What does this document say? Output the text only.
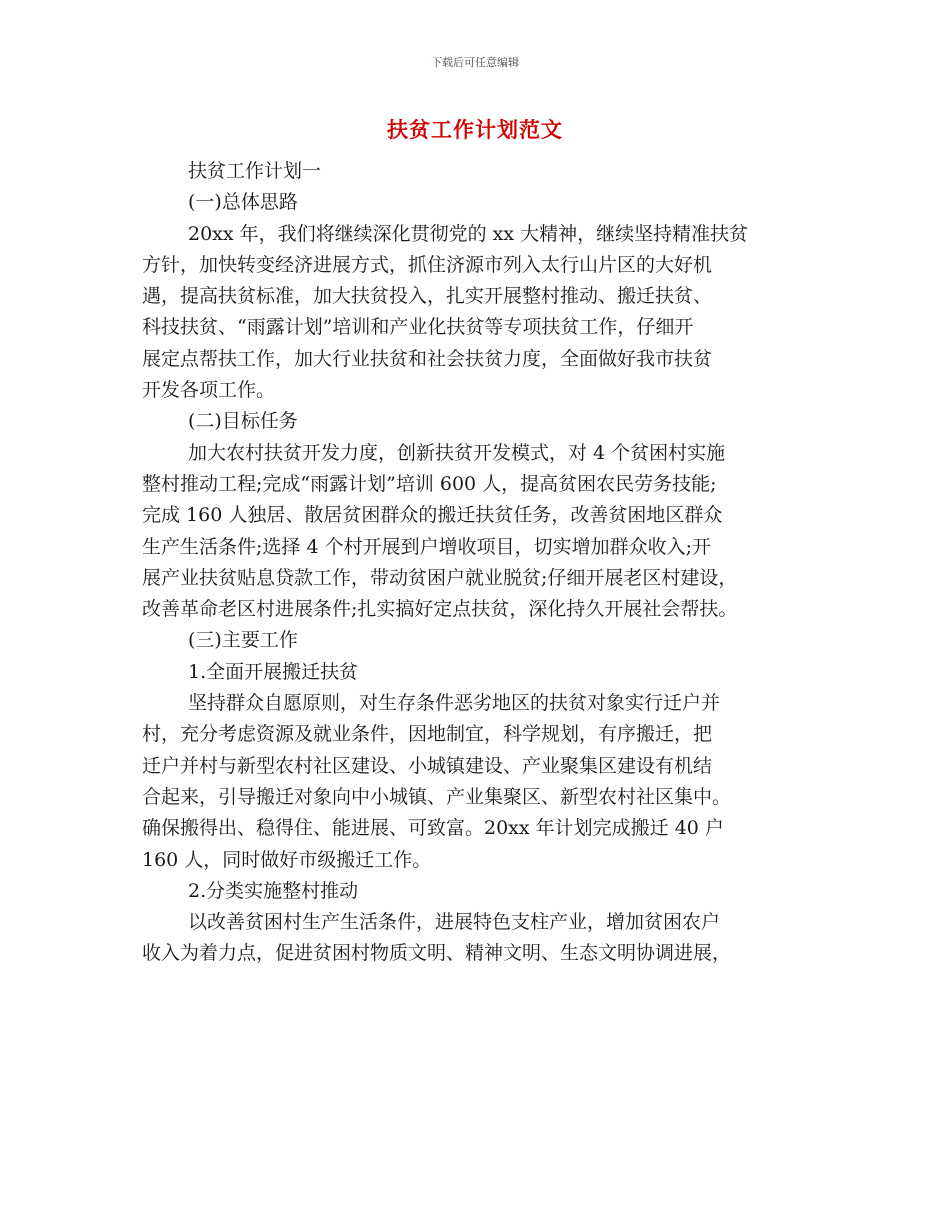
下载后可任意编辑
扶贫工作计划范文
扶贫工作计划一
(一)总体思路
20xx 年，我们将继续深化贯彻党的 xx 大精神，继续坚持精准扶贫
方针，加快转变经济进展方式，抓住济源市列入太行山片区的大好机
遇，提高扶贫标准，加大扶贫投入，扎实开展整村推动、搬迁扶贫、
科技扶贫、“雨露计划”培训和产业化扶贫等专项扶贫工作，仔细开
展定点帮扶工作，加大行业扶贫和社会扶贫力度，全面做好我市扶贫
开发各项工作。
(二)目标任务
加大农村扶贫开发力度，创新扶贫开发模式，对 4 个贫困村实施
整村推动工程;完成“雨露计划”培训 600 人，提高贫困农民劳务技能;
完成 160 人独居、散居贫困群众的搬迁扶贫任务，改善贫困地区群众
生产生活条件;选择 4 个村开展到户增收项目，切实增加群众收入;开
展产业扶贫贴息贷款工作，带动贫困户就业脱贫;仔细开展老区村建设，
改善革命老区村进展条件;扎实搞好定点扶贫，深化持久开展社会帮扶。
(三)主要工作
1.全面开展搬迁扶贫
坚持群众自愿原则，对生存条件恶劣地区的扶贫对象实行迁户并
村，充分考虑资源及就业条件，因地制宜，科学规划，有序搬迁，把
迁户并村与新型农村社区建设、小城镇建设、产业聚集区建设有机结
合起来，引导搬迁对象向中小城镇、产业集聚区、新型农村社区集中。
确保搬得出、稳得住、能进展、可致富。20xx 年计划完成搬迁 40 户
160 人，同时做好市级搬迁工作。
2.分类实施整村推动
以改善贫困村生产生活条件，进展特色支柱产业，增加贫困农户
收入为着力点，促进贫困村物质文明、精神文明、生态文明协调进展，
